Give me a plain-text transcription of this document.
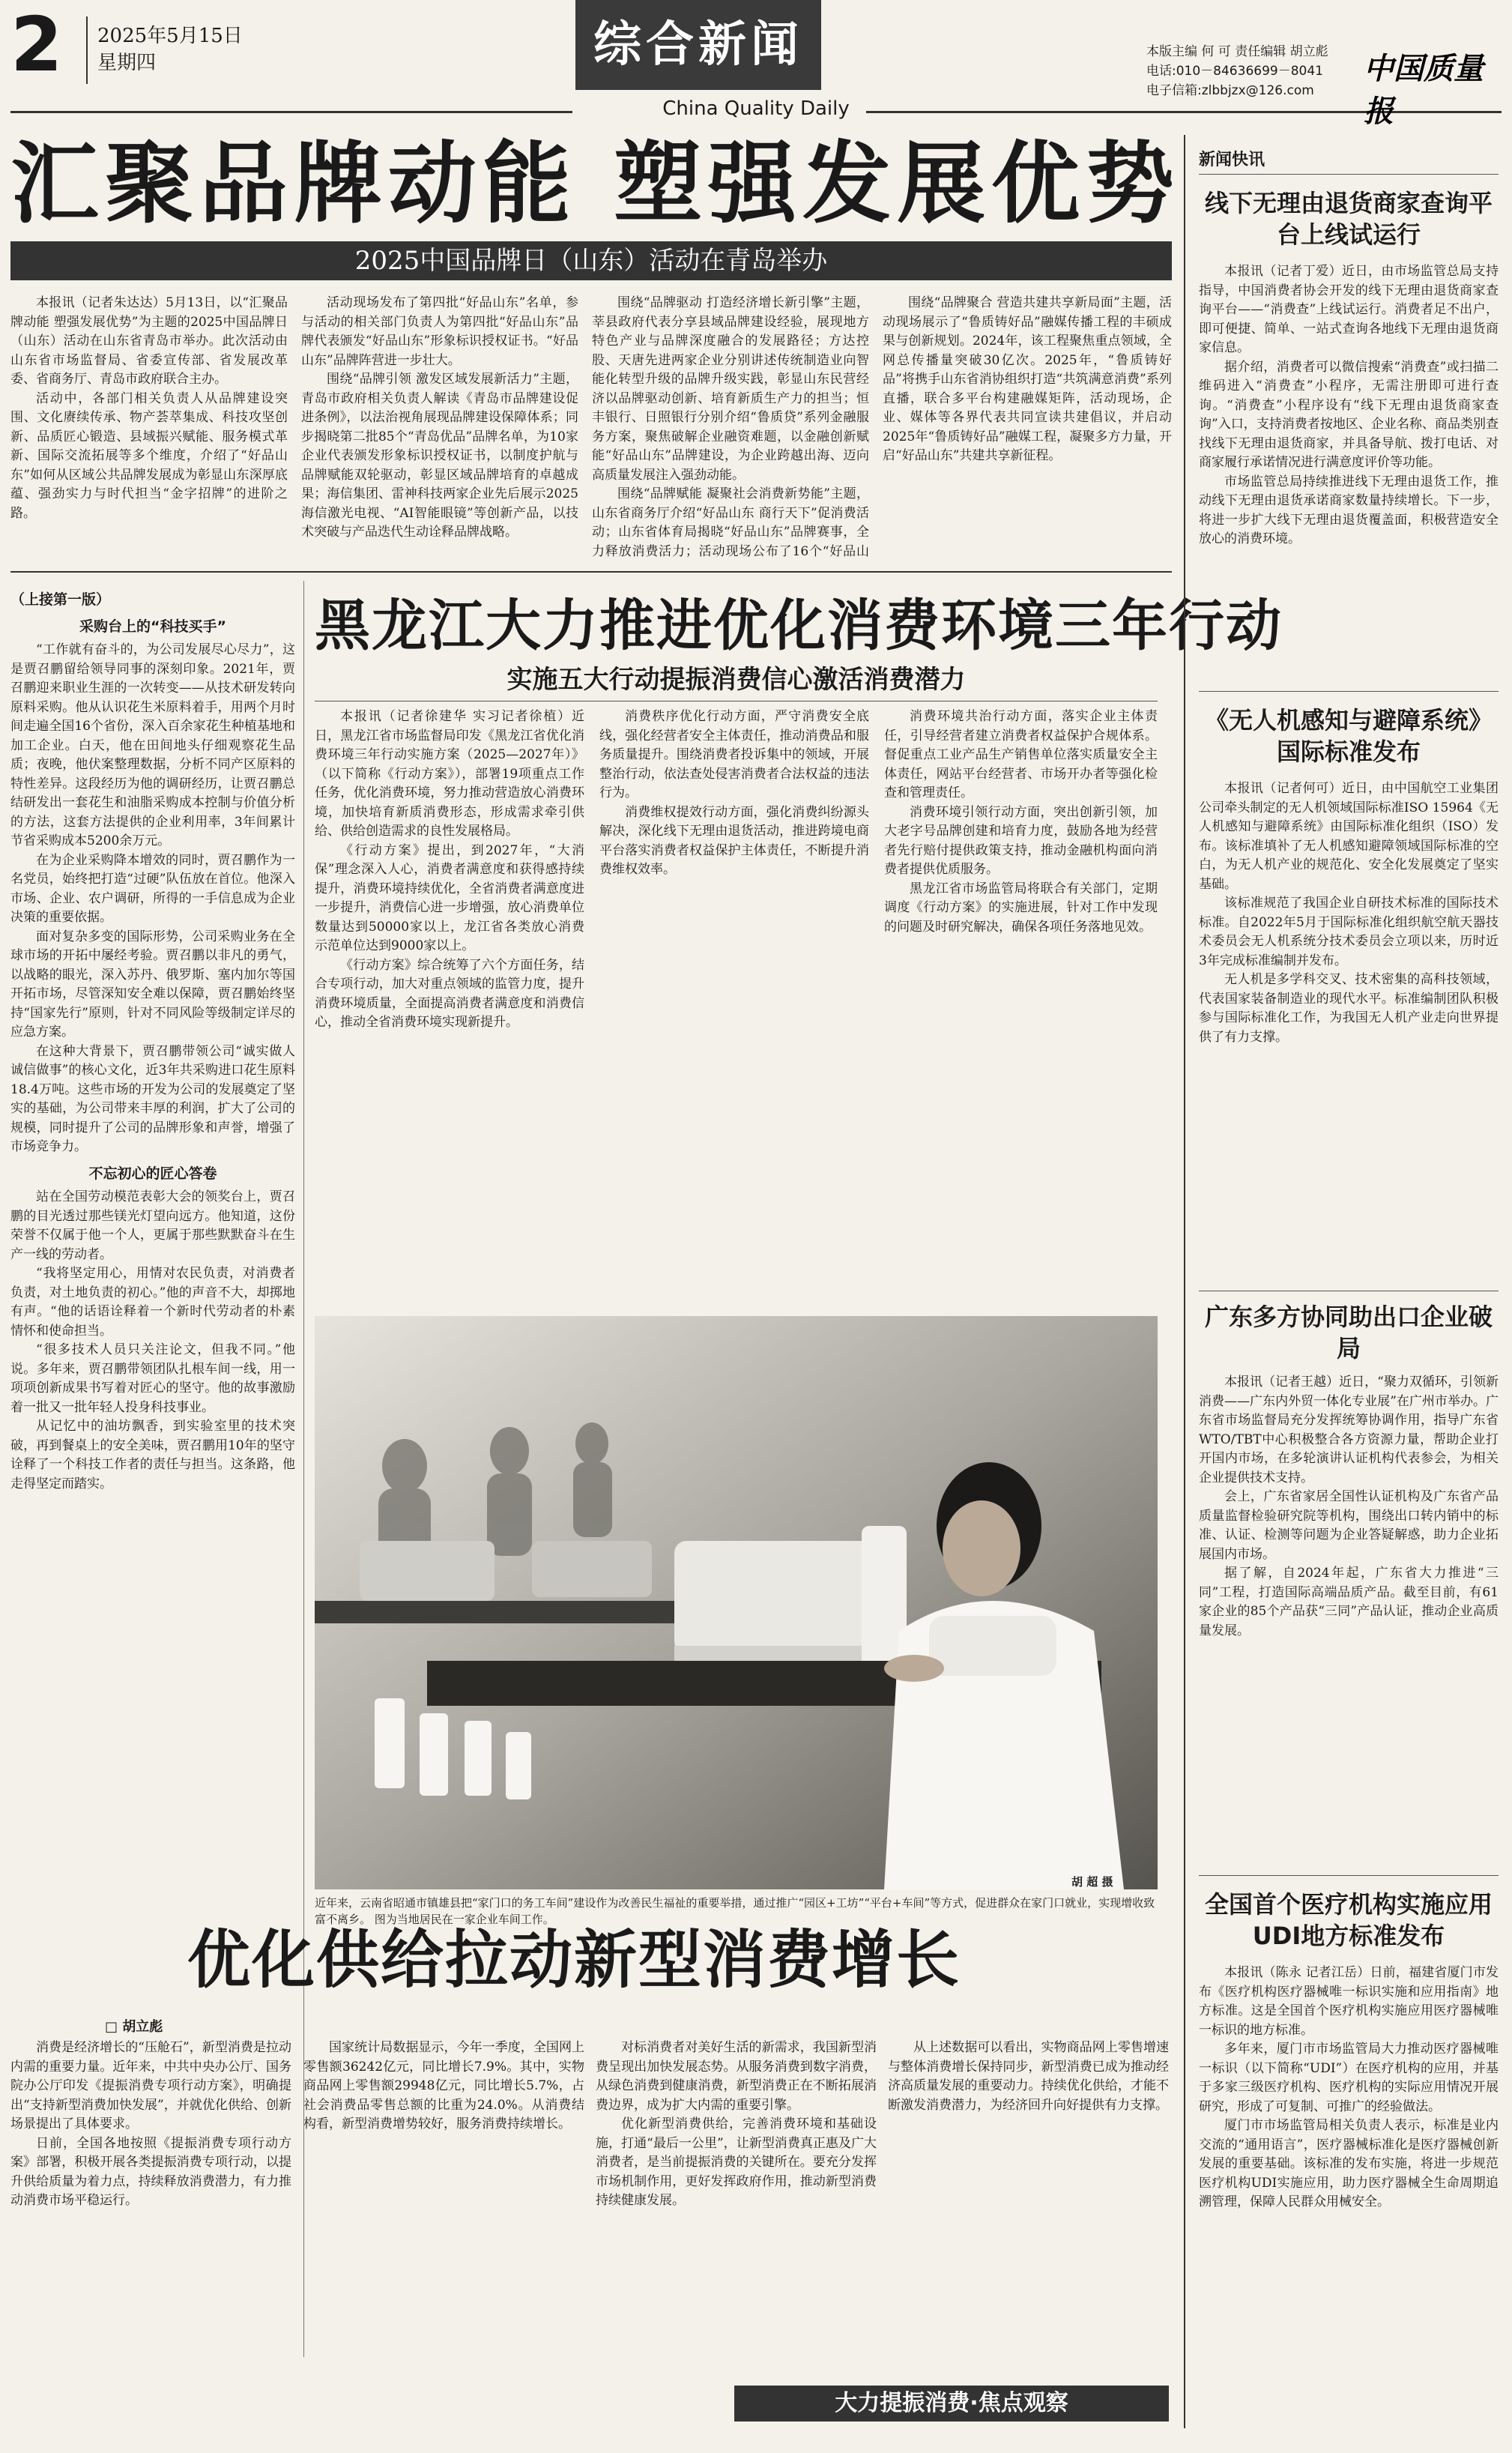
2 2025年5月15日
星期四	综合新闻
China Quality Daily
本版主编 何 可 责任编辑 胡立彪
电话:010－84636699－8041
电子信箱:zlbbjzx@126.com
中国质量报
汇聚品牌动能 塑强发展优势
2025中国品牌日（山东）活动在青岛举办

本报讯（记者朱达达）5月13日，以“汇聚品牌动能 塑强发展优势”为主题的2025中国品牌日（山东）活动在山东省青岛市举办。此次活动由山东省市场监督局、省委宣传部、省发展改革委、省商务厅、青岛市政府联合主办。

活动中，各部门相关负责人从品牌建设突围、文化赓续传承、物产荟萃集成、科技攻坚创新、品质匠心锻造、县域振兴赋能、服务模式革新、国际交流拓展等多个维度，介绍了“好品山东”如何从区域公共品牌发展成为彰显山东深厚底蕴、强劲实力与时代担当“金字招牌”的进阶之路。

活动现场发布了第四批“好品山东”名单，参与活动的相关部门负责人为第四批“好品山东”品牌代表颁发“好品山东”形象标识授权证书。“好品山东”品牌阵营进一步壮大。

围绕“品牌引领 激发区域发展新活力”主题，青岛市政府相关负责人解读《青岛市品牌建设促进条例》，以法治视角展现品牌建设保障体系；同步揭晓第二批85个“青岛优品”品牌名单，为10家企业代表颁发形象标识授权证书，以制度护航与品牌赋能双轮驱动，彰显区域品牌培育的卓越成果；海信集团、雷神科技两家企业先后展示2025海信激光电视、“AI智能眼镜”等创新产品，以技术突破与产品迭代生动诠释品牌战略。

围绕“品牌驱动 打造经济增长新引擎”主题，莘县政府代表分享县域品牌建设经验，展现地方特色产业与品牌深度融合的发展路径；方达控股、天唐先进两家企业分别讲述传统制造业向智能化转型升级的品牌升级实践，彰显山东民营经济以品牌驱动创新、培育新质生产力的担当；恒丰银行、日照银行分别介绍“鲁质贷”系列金融服务方案，聚焦破解企业融资难题，以金融创新赋能“好品山东”品牌建设，为企业跨越出海、迈向高质量发展注入强劲动能。

围绕“品牌赋能 凝聚社会消费新势能”主题，山东省商务厅介绍“好品山东 商行天下”促消费活动；山东省体育局揭晓“好品山东”品牌赛事，全力释放消费活力；活动现场公布了16个“好品山

围绕“品牌聚合 营造共建共享新局面”主题，活动现场展示了“鲁质铸好品”融媒传播工程的丰硕成果与创新规划。2024年，该工程聚焦重点领域，全网总传播量突破30亿次。2025年，“鲁质铸好品”将携手山东省消协组织打造“共筑满意消费”系列直播，联合多平台构建融媒矩阵，活动现场，企业、媒体等各界代表共同宣读共建倡议，并启动2025年“鲁质铸好品”融媒工程，凝聚多方力量，开启“好品山东”共建共享新征程。

（上接第一版）

采购台上的“科技买手”

“工作就有奋斗的，为公司发展尽心尽力”，这是贾召鹏留给领导同事的深刻印象。2021年，贾召鹏迎来职业生涯的一次转变——从技术研发转向原料采购。他从认识花生米原料着手，用两个月时间走遍全国16个省份，深入百余家花生种植基地和加工企业。白天，他在田间地头仔细观察花生品质；夜晚，他伏案整理数据，分析不同产区原料的特性差异。这段经历为他的调研经历，让贾召鹏总结研发出一套花生和油脂采购成本控制与价值分析的方法，这套方法提供的企业利用率，3年间累计节省采购成本5200余万元。

在为企业采购降本增效的同时，贾召鹏作为一名党员，始终把打造“过硬”队伍放在首位。他深入市场、企业、农户调研，所得的一手信息成为企业决策的重要依据。

面对复杂多变的国际形势，公司采购业务在全球市场的开拓中屡经考验。贾召鹏以非凡的勇气，以战略的眼光，深入苏丹、俄罗斯、塞内加尔等国开拓市场，尽管深知安全难以保障，贾召鹏始终坚持“国家先行”原则，针对不同风险等级制定详尽的应急方案。

在这种大背景下，贾召鹏带领公司“诚实做人 诚信做事”的核心文化，近3年共采购进口花生原料18.4万吨。这些市场的开发为公司的发展奠定了坚实的基础，为公司带来丰厚的利润，扩大了公司的规模，同时提升了公司的品牌形象和声誉，增强了市场竞争力。

不忘初心的匠心答卷

站在全国劳动模范表彰大会的领奖台上，贾召鹏的目光透过那些镁光灯望向远方。他知道，这份荣誉不仅属于他一个人，更属于那些默默奋斗在生产一线的劳动者。

“我将坚定用心，用情对农民负责，对消费者负责，对土地负责的初心。”他的声音不大，却掷地有声。“他的话语诠释着一个新时代劳动者的朴素情怀和使命担当。

“很多技术人员只关注论文，但我不同。”他说。多年来，贾召鹏带领团队扎根车间一线，用一项项创新成果书写着对匠心的坚守。他的故事激励着一批又一批年轻人投身科技事业。

从记忆中的油坊飘香，到实验室里的技术突破，再到餐桌上的安全美味，贾召鹏用10年的坚守诠释了一个科技工作者的责任与担当。这条路，他走得坚定而踏实。

黑龙江大力推进优化消费环境三年行动
实施五大行动提振消费信心激活消费潜力

本报讯（记者徐建华 实习记者徐植）近日，黑龙江省市场监督局印发《黑龙江省优化消费环境三年行动实施方案（2025—2027年）》（以下简称《行动方案》），部署19项重点工作任务，优化消费环境，努力推动营造放心消费环境，加快培育新质消费形态，形成需求牵引供给、供给创造需求的良性发展格局。

《行动方案》提出，到2027年，“大消保”理念深入人心，消费者满意度和获得感持续提升，消费环境持续优化，全省消费者满意度进一步提升，消费信心进一步增强，放心消费单位数量达到50000家以上，龙江省各类放心消费示范单位达到9000家以上。

《行动方案》综合统筹了六个方面任务，结合专项行动，加大对重点领域的监管力度，提升消费环境质量，全面提高消费者满意度和消费信心，推动全省消费环境实现新提升。

消费秩序优化行动方面，严守消费安全底线，强化经营者安全主体责任，推动消费品和服务质量提升。围绕消费者投诉集中的领域，开展整治行动，依法查处侵害消费者合法权益的违法行为。

消费维权提效行动方面，强化消费纠纷源头解决，深化线下无理由退货活动，推进跨境电商平台落实消费者权益保护主体责任，不断提升消费维权效率。

消费环境共治行动方面，落实企业主体责任，引导经营者建立消费者权益保护合规体系。督促重点工业产品生产销售单位落实质量安全主体责任，网站平台经营者、市场开办者等强化检查和管理责任。

消费环境引领行动方面，突出创新引领，加大老字号品牌创建和培育力度，鼓励各地为经营者先行赔付提供政策支持，推动金融机构面向消费者提供优质服务。

黑龙江省市场监管局将联合有关部门，定期调度《行动方案》的实施进展，针对工作中发现的问题及时研究解决，确保各项任务落地见效。

近年来，云南省昭通市镇雄县把“家门口的务工车间”建设作为改善民生福祉的重要举措，通过推广“园区+工坊”“平台+车间”等方式，促进群众在家门口就业，实现增收致富不离乡。 图为当地居民在一家企业车间工作。
胡 超 摄
优化供给拉动新型消费增长
□ 胡立彪

消费是经济增长的“压舱石”，新型消费是拉动内需的重要力量。近年来，中共中央办公厅、国务院办公厅印发《提振消费专项行动方案》，明确提出“支持新型消费加快发展”，并就优化供给、创新场景提出了具体要求。

日前，全国各地按照《提振消费专项行动方案》部署，积极开展各类提振消费专项行动，以提升供给质量为着力点，持续释放消费潜力，有力推动消费市场平稳运行。

国家统计局数据显示，今年一季度，全国网上零售额36242亿元，同比增长7.9%。其中，实物商品网上零售额29948亿元，同比增长5.7%，占社会消费品零售总额的比重为24.0%。从消费结构看，新型消费增势较好，服务消费持续增长。

对标消费者对美好生活的新需求，我国新型消费呈现出加快发展态势。从服务消费到数字消费，从绿色消费到健康消费，新型消费正在不断拓展消费边界，成为扩大内需的重要引擎。

优化新型消费供给，完善消费环境和基础设施，打通“最后一公里”，让新型消费真正惠及广大消费者，是当前提振消费的关键所在。要充分发挥市场机制作用，更好发挥政府作用，推动新型消费持续健康发展。

从上述数据可以看出，实物商品网上零售增速与整体消费增长保持同步，新型消费已成为推动经济高质量发展的重要动力。持续优化供给，才能不断激发消费潜力，为经济回升向好提供有力支撑。

大力提振消费·焦点观察
新闻快讯
线下无理由退货商家查询平台上线试运行

本报讯（记者丁爱）近日，由市场监管总局支持指导，中国消费者协会开发的线下无理由退货商家查询平台——“消费查”上线试运行。消费者足不出户，即可便捷、简单、一站式查询各地线下无理由退货商家信息。

据介绍，消费者可以微信搜索“消费查”或扫描二维码进入“消费查”小程序，无需注册即可进行查询。“消费查”小程序设有“线下无理由退货商家查询”入口，支持消费者按地区、企业名称、商品类别查找线下无理由退货商家，并具备导航、拨打电话、对商家履行承诺情况进行满意度评价等功能。

市场监管总局持续推进线下无理由退货工作，推动线下无理由退货承诺商家数量持续增长。下一步，将进一步扩大线下无理由退货覆盖面，积极营造安全放心的消费环境。

《无人机感知与避障系统》国际标准发布

本报讯（记者何可）近日，由中国航空工业集团公司牵头制定的无人机领域国际标准ISO 15964《无人机感知与避障系统》由国际标准化组织（ISO）发布。该标准填补了无人机感知避障领域国际标准的空白，为无人机产业的规范化、安全化发展奠定了坚实基础。

该标准规范了我国企业自研技术标准的国际技术标准。自2022年5月于国际标准化组织航空航天器技术委员会无人机系统分技术委员会立项以来，历时近3年完成标准编制并发布。

无人机是多学科交叉、技术密集的高科技领域，代表国家装备制造业的现代水平。标准编制团队积极参与国际标准化工作，为我国无人机产业走向世界提供了有力支撑。

广东多方协同助出口企业破局

本报讯（记者王越）近日，“聚力双循环，引领新消费——广东内外贸一体化专业展”在广州市举办。广东省市场监督局充分发挥统筹协调作用，指导广东省WTO/TBT中心积极整合各方资源力量，帮助企业打开国内市场，在多轮演讲认证机构代表参会，为相关企业提供技术支持。

会上，广东省家居全国性认证机构及广东省产品质量监督检验研究院等机构，围绕出口转内销中的标准、认证、检测等问题为企业答疑解惑，助力企业拓展国内市场。

据了解，自2024年起，广东省大力推进“三同”工程，打造国际高端品质产品。截至目前，有61家企业的85个产品获“三同”产品认证，推动企业高质量发展。

全国首个医疗机构实施应用UDI地方标准发布

本报讯（陈永 记者江岳）日前，福建省厦门市发布《医疗机构医疗器械唯一标识实施和应用指南》地方标准。这是全国首个医疗机构实施应用医疗器械唯一标识的地方标准。

多年来，厦门市市场监管局大力推动医疗器械唯一标识（以下简称“UDI”）在医疗机构的应用，并基于多家三级医疗机构、医疗机构的实际应用情况开展研究，形成了可复制、可推广的经验做法。

厦门市市场监管局相关负责人表示，标准是业内交流的“通用语言”，医疗器械标准化是医疗器械创新发展的重要基础。该标准的发布实施，将进一步规范医疗机构UDI实施应用，助力医疗器械全生命周期追溯管理，保障人民群众用械安全。
